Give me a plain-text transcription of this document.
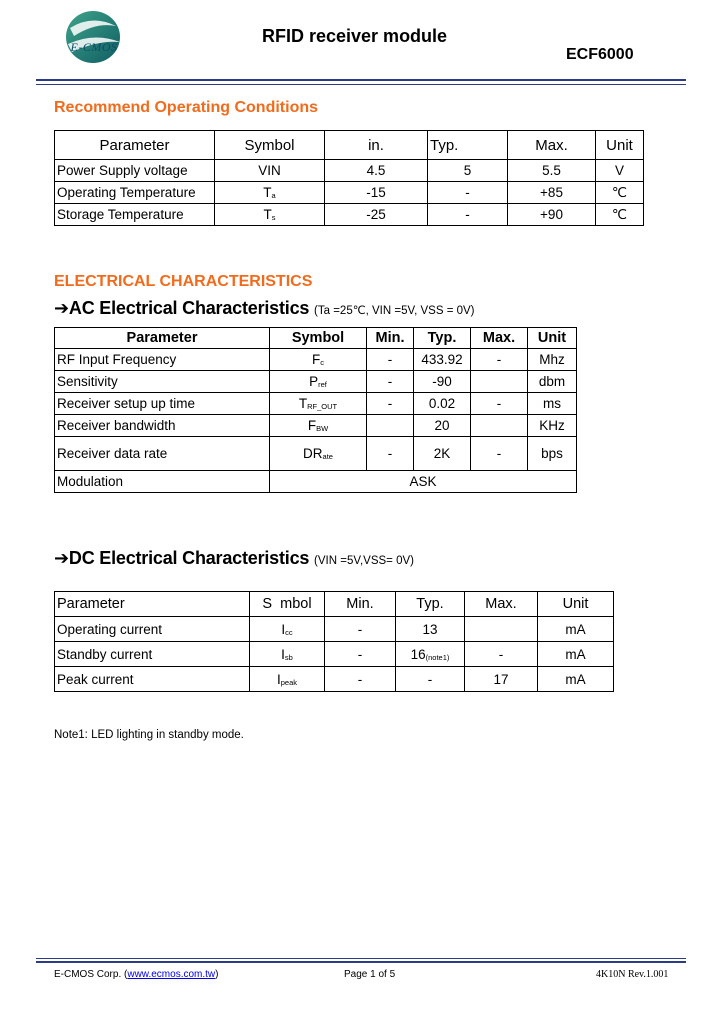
E-CMOS
RFID receiver module
ECF6000
Recommend Operating Conditions
Parameter	Symbol	in.	Typ.	Max.	Unit
Power Supply voltage	VIN	4.5	5	5.5	V
Operating Temperature	$T_a$	-15	-	+85	℃
Storage Temperature	$T_s$	-25	-	+90	℃
ELECTRICAL CHARACTERISTICS
➔AC Electrical Characteristics (Ta =25℃, VIN =5V, VSS = 0V)
Parameter	Symbol	Min.	Typ.	Max.	Unit
RF Input Frequency	$F_c$	-	433.92	-	Mhz
Sensitivity	$P_{ref}$	-	-90		dbm
Receiver setup up time	$T_{RF\_OUT}$	-	0.02	-	ms
Receiver bandwidth	$F_{BW}$		20		KHz
Receiver data rate	$DR_{ate}$	-	2K	-	bps
Modulation	ASK				
➔DC Electrical Characteristics (VIN =5V,VSS= 0V)
Parameter	S  mbol	Min.	Typ.	Max.	Unit
Operating current	$I_{cc}$	-	13		mA
Standby current	$I_{sb}$	-	$16_{(note1)}$	-	mA
Peak current	$I_{peak}$	-	-	17	mA
Note1: LED lighting in standby mode.
E-CMOS Corp. (www.ecmos.com.tw)	Page 1 of 5	4K10N Rev.1.001
